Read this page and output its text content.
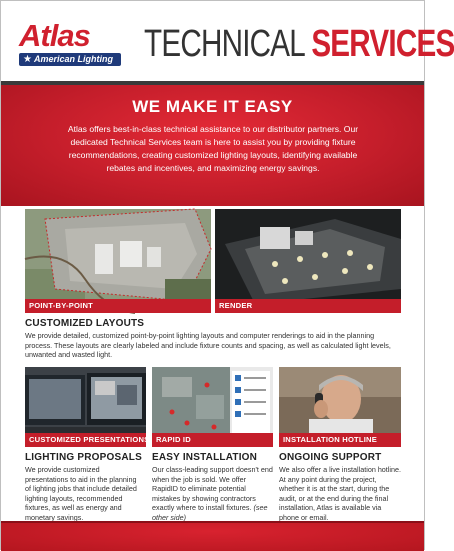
Atlas
★ American Lighting TECHNICAL SERVICES
WE MAKE IT EASY
Atlas offers best-in-class technical assistance to our distributor partners. Our dedicated Technical Services team is here to assist you by providing fixture recommendations, creating customized lighting layouts, identifying available rebates and incentives, and maximizing energy savings.
POINT-BY-POINT	RENDER
CUSTOMIZED LAYOUTS
We provide detailed, customized point-by-point lighting layouts and computer renderings to aid in the planning process. These layouts are clearly labeled and include fixture counts and spacing, as well as calculated light levels, unwanted and wasted light.
CUSTOMIZED PRESENTATIONS RAPID ID	INSTALLATION HOTLINE
LIGHTING PROPOSALS
We provide customized presentations to aid in the planning of lighting jobs that include detailed lighting layouts, recommended fixtures, as well as energy and monetary savings.
EASY INSTALLATION
Our class-leading support doesn't end when the job is sold. We offer RapidID to eliminate potential mistakes by showing contractors exactly where to install fixtures. (see other side)
ONGOING SUPPORT
We also offer a live installation hotline. At any point during the project, whether it is at the start, during the audit, or at the end during the final installation, Atlas is available via phone or email.
